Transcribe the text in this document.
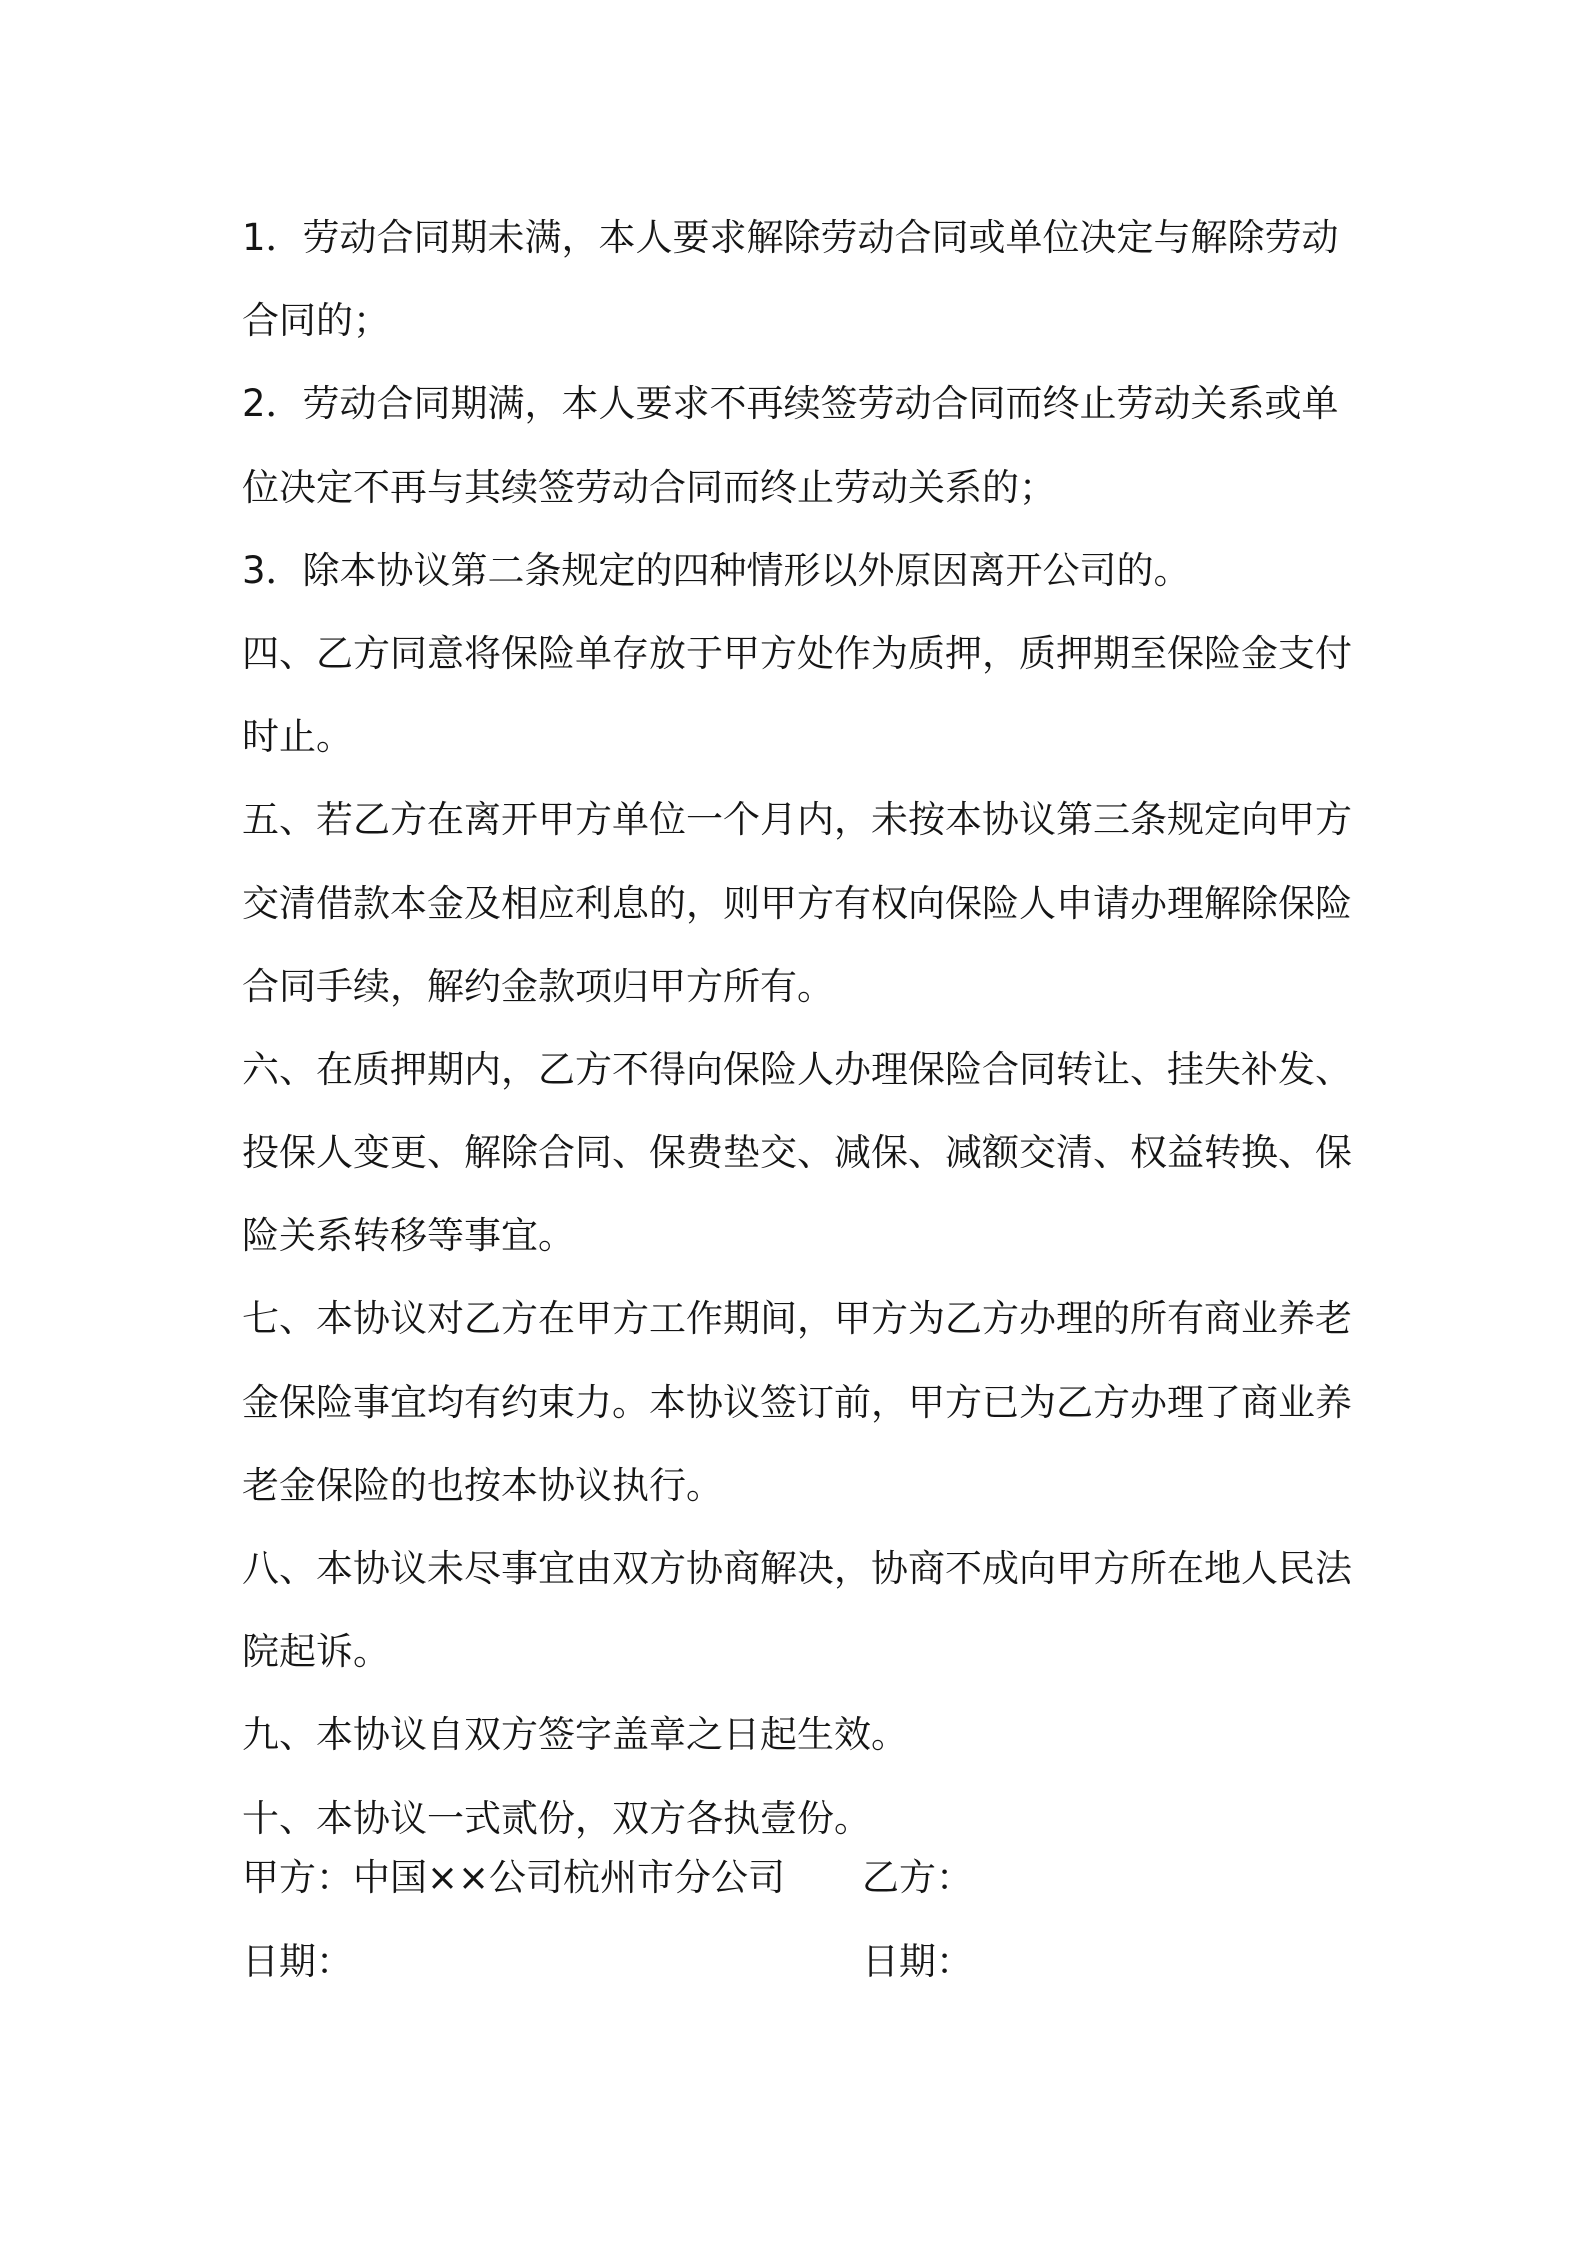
1．劳动合同期未满，本人要求解除劳动合同或单位决定与解除劳动
合同的；
2．劳动合同期满，本人要求不再续签劳动合同而终止劳动关系或单
位决定不再与其续签劳动合同而终止劳动关系的；
3．除本协议第二条规定的四种情形以外原因离开公司的。
四、乙方同意将保险单存放于甲方处作为质押，质押期至保险金支付
时止。
五、若乙方在离开甲方单位一个月内，未按本协议第三条规定向甲方
交清借款本金及相应利息的，则甲方有权向保险人申请办理解除保险
合同手续，解约金款项归甲方所有。
六、在质押期内，乙方不得向保险人办理保险合同转让、挂失补发、
投保人变更、解除合同、保费垫交、减保、减额交清、权益转换、保
险关系转移等事宜。
七、本协议对乙方在甲方工作期间，甲方为乙方办理的所有商业养老
金保险事宜均有约束力。本协议签订前，甲方已为乙方办理了商业养
老金保险的也按本协议执行。
八、本协议未尽事宜由双方协商解决，协商不成向甲方所在地人民法
院起诉。
九、本协议自双方签字盖章之日起生效。
十、本协议一式贰份，双方各执壹份。
甲方：中国××公司杭州市分公司 乙方：
日期：	日期：
